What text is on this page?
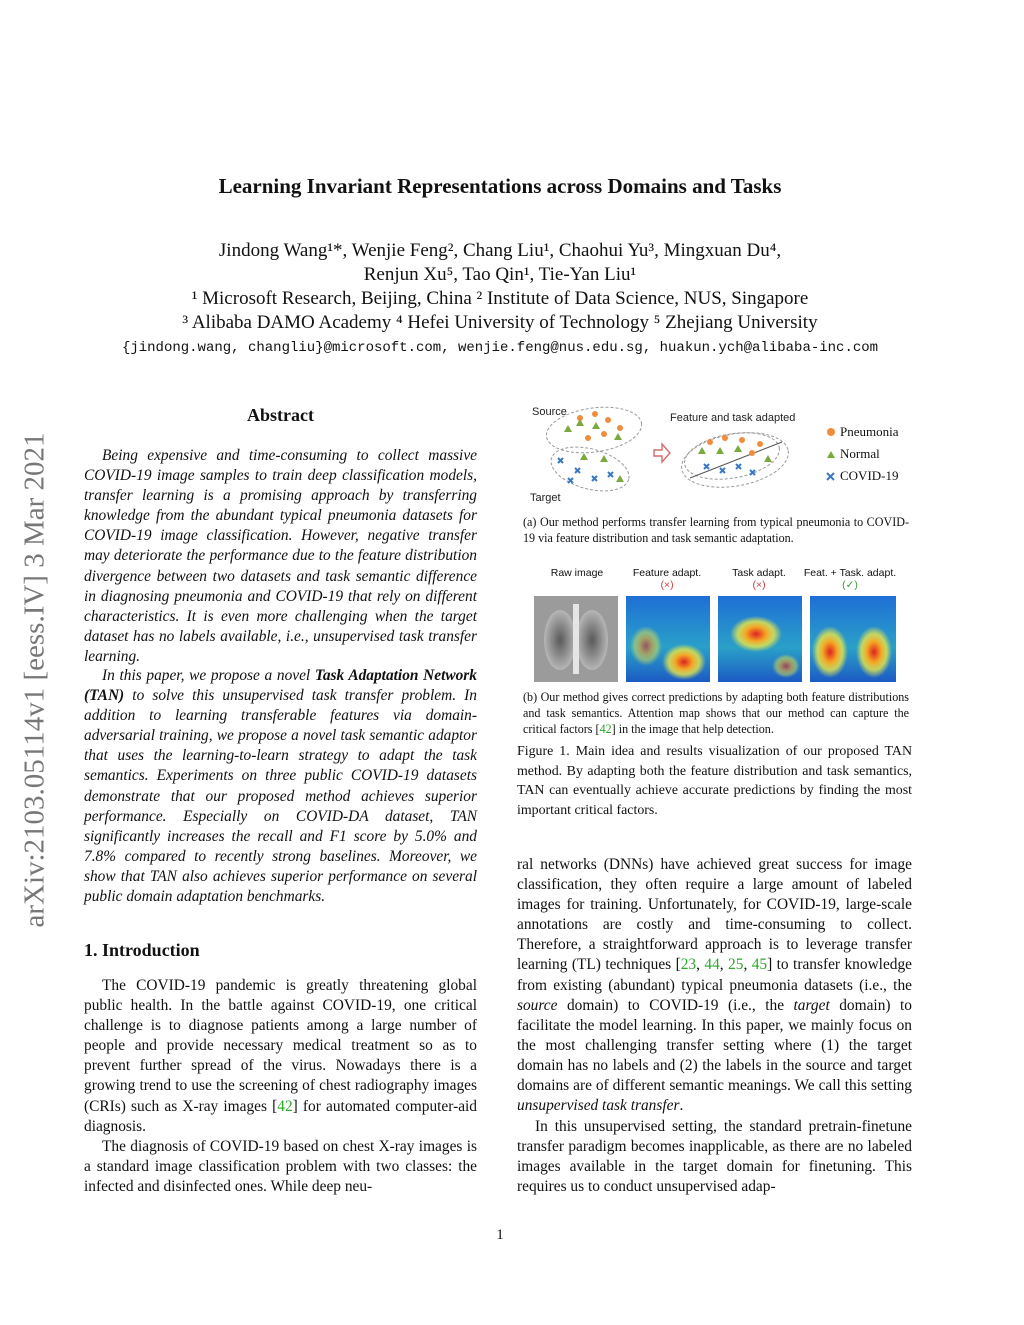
arXiv:2103.05114v1 [eess.IV] 3 Mar 2021
Learning Invariant Representations across Domains and Tasks
Jindong Wang¹*, Wenjie Feng², Chang Liu¹, Chaohui Yu³, Mingxuan Du⁴,
Renjun Xu⁵, Tao Qin¹, Tie-Yan Liu¹
¹ Microsoft Research, Beijing, China ² Institute of Data Science, NUS, Singapore
³ Alibaba DAMO Academy ⁴ Hefei University of Technology ⁵ Zhejiang University
{jindong.wang, changliu}@microsoft.com, wenjie.feng@nus.edu.sg, huakun.ych@alibaba-inc.com
Abstract
Being expensive and time-consuming to collect massive COVID-19 image samples to train deep classification models, transfer learning is a promising approach by transferring knowledge from the abundant typical pneumonia datasets for COVID-19 image classification. However, negative transfer may deteriorate the performance due to the feature distribution divergence between two datasets and task semantic difference in diagnosing pneumonia and COVID-19 that rely on different characteristics. It is even more challenging when the target dataset has no labels available, i.e., unsupervised task transfer learning.
In this paper, we propose a novel Task Adaptation Network (TAN) to solve this unsupervised task transfer problem. In addition to learning transferable features via domain-adversarial training, we propose a novel task semantic adaptor that uses the learning-to-learn strategy to adapt the task semantics. Experiments on three public COVID-19 datasets demonstrate that our proposed method achieves superior performance. Especially on COVID-DA dataset, TAN significantly increases the recall and F1 score by 5.0% and 7.8% compared to recently strong baselines. Moreover, we show that TAN also achieves superior performance on several public domain adaptation benchmarks.
1. Introduction
The COVID-19 pandemic is greatly threatening global public health. In the battle against COVID-19, one critical challenge is to diagnose patients among a large number of people and provide necessary medical treatment so as to prevent further spread of the virus. Nowadays there is a growing trend to use the screening of chest radiography images (CRIs) such as X-ray images [42] for automated computer-aid diagnosis.
The diagnosis of COVID-19 based on chest X-ray images is a standard image classification problem with two classes: the infected and disinfected ones. While deep neu-
Source
Target
Feature and task adapted
Pneumonia
Normal
COVID-19
(a) Our method performs transfer learning from typical pneumonia to COVID-19 via feature distribution and task semantic adaptation.
Raw image	Feature adapt.
(×)
Task adapt.
(×)
Feat. + Task. adapt.
(✓)
(b) Our method gives correct predictions by adapting both feature distributions and task semantics. Attention map shows that our method can capture the critical factors [42] in the image that help detection.
Figure 1. Main idea and results visualization of our proposed TAN method. By adapting both the feature distribution and task semantics, TAN can eventually achieve accurate predictions by finding the most important critical factors.
ral networks (DNNs) have achieved great success for image classification, they often require a large amount of labeled images for training. Unfortunately, for COVID-19, large-scale annotations are costly and time-consuming to collect. Therefore, a straightforward approach is to leverage transfer learning (TL) techniques [23, 44, 25, 45] to transfer knowledge from existing (abundant) typical pneumonia datasets (i.e., the source domain) to COVID-19 (i.e., the target domain) to facilitate the model learning. In this paper, we mainly focus on the most challenging transfer setting where (1) the target domain has no labels and (2) the labels in the source and target domains are of different semantic meanings. We call this setting unsupervised task transfer.
In this unsupervised setting, the standard pretrain-finetune transfer paradigm becomes inapplicable, as there are no labeled images available in the target domain for finetuning. This requires us to conduct unsupervised adap-
1
